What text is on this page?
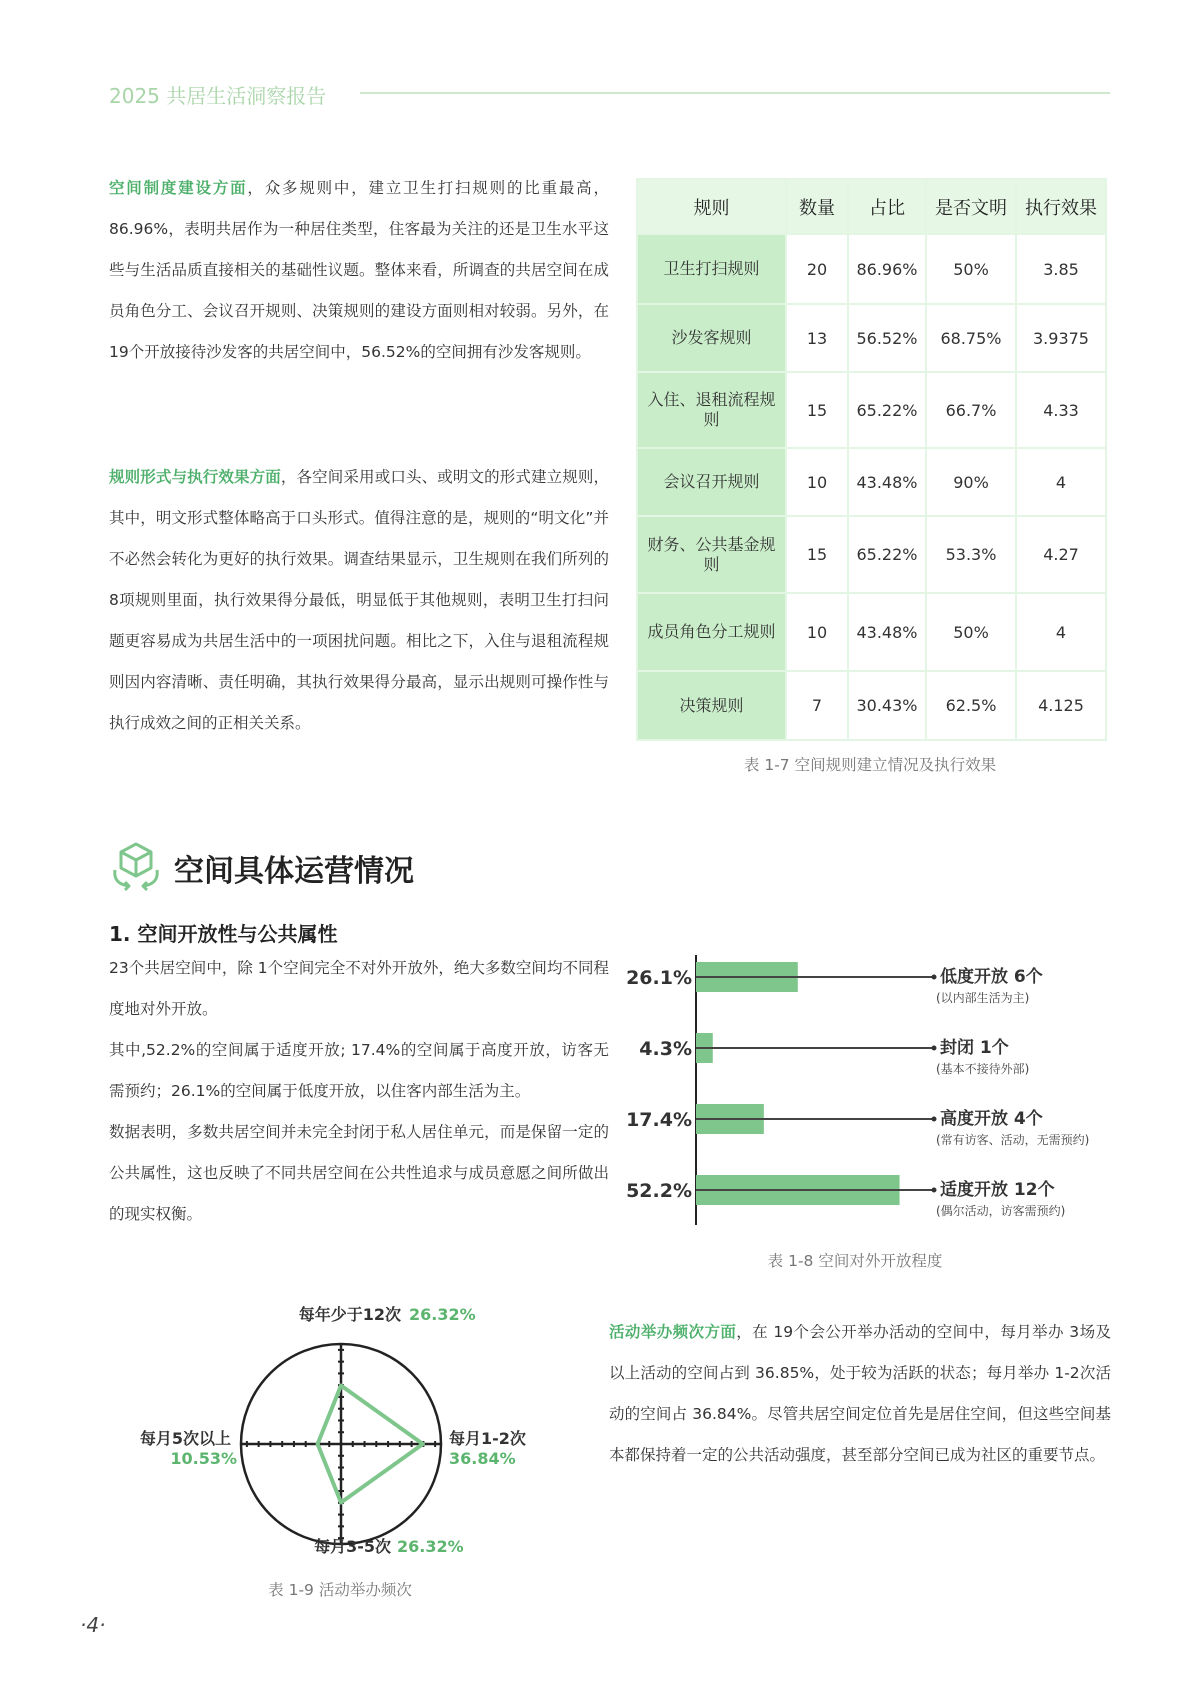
2025 共居生活洞察报告
空间制度建设方面，众多规则中，建立卫生打扫规则的比重最高，86.96%，表明共居作为一种居住类型，住客最为关注的还是卫生水平这些与生活品质直接相关的基础性议题。整体来看，所调查的共居空间在成员角色分工、会议召开规则、决策规则的建设方面则相对较弱。另外，在 19个开放接待沙发客的共居空间中，56.52%的空间拥有沙发客规则。
规则形式与执行效果方面，各空间采用或口头、或明文的形式建立规则，其中，明文形式整体略高于口头形式。值得注意的是，规则的“明文化”并不必然会转化为更好的执行效果。调查结果显示，卫生规则在我们所列的 8项规则里面，执行效果得分最低，明显低于其他规则，表明卫生打扫问题更容易成为共居生活中的一项困扰问题。相比之下，入住与退租流程规则因内容清晰、责任明确，其执行效果得分最高，显示出规则可操作性与执行成效之间的正相关关系。
规则	数量	占比	是否文明	执行效果
卫生打扫规则	20	86.96%	50%	3.85
沙发客规则	13	56.52%	68.75%	3.9375
入住、退租流程规则	15	65.22%	66.7%	4.33
会议召开规则	10	43.48%	90%	4
财务、公共基金规则	15	65.22%	53.3%	4.27
成员角色分工规则	10	43.48%	50%	4
决策规则	7	30.43%	62.5%	4.125
表 1-7 空间规则建立情况及执行效果
空间具体运营情况
1. 空间开放性与公共属性
23个共居空间中，除 1个空间完全不对外开放外，绝大多数空间均不同程度地对外开放。
其中,52.2%的空间属于适度开放; 17.4%的空间属于高度开放，访客无需预约；26.1%的空间属于低度开放，以住客内部生活为主。
数据表明，多数共居空间并未完全封闭于私人居住单元，而是保留一定的公共属性，这也反映了不同共居空间在公共性追求与成员意愿之间所做出的现实权衡。
26.1%	低度开放 6个
(以内部生活为主)
4.3%	封闭 1个
(基本不接待外部)
17.4%	高度开放 4个
(常有访客、活动，无需预约)
52.2%	适度开放 12个
(偶尔活动，访客需预约)
表 1-8 空间对外开放程度
每年少于12次 26.32%
每月1-2次
36.84%
每月3-5次 26.32%
每月5次以上
10.53%
表 1-9 活动举办频次
活动举办频次方面，在 19个会公开举办活动的空间中，每月举办 3场及以上活动的空间占到 36.85%，处于较为活跃的状态；每月举办 1-2次活动的空间占 36.84%。尽管共居空间定位首先是居住空间，但这些空间基本都保持着一定的公共活动强度，甚至部分空间已成为社区的重要节点。
·4·
